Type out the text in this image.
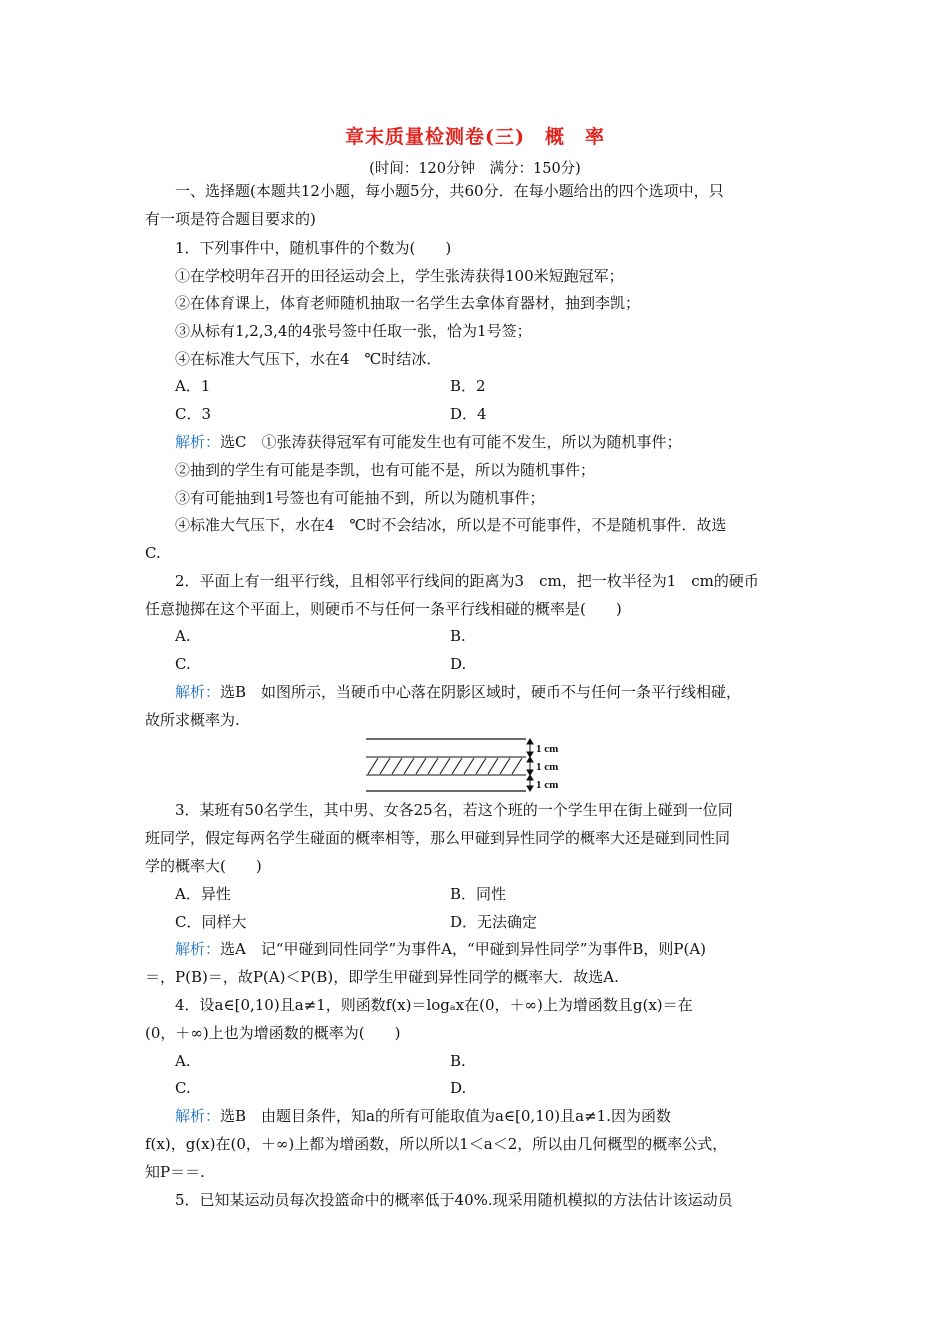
章末质量检测卷(三)　概　率
(时间：120分钟　满分：150分)
一、选择题(本题共12小题，每小题5分，共60分．在每小题给出的四个选项中，只
有一项是符合题目要求的)
1．下列事件中，随机事件的个数为(　　)
①在学校明年召开的田径运动会上，学生张涛获得100米短跑冠军；
②在体育课上，体育老师随机抽取一名学生去拿体育器材，抽到李凯；
③从标有1,2,3,4的4张号签中任取一张，恰为1号签；
④在标准大气压下，水在4　℃时结冰．
A．1	B．2
C．3	D．4
解析：选C　①张涛获得冠军有可能发生也有可能不发生，所以为随机事件；
②抽到的学生有可能是李凯，也有可能不是，所以为随机事件；
③有可能抽到1号签也有可能抽不到，所以为随机事件；
④标准大气压下，水在4　℃时不会结冰，所以是不可能事件，不是随机事件．故选
C.
2．平面上有一组平行线，且相邻平行线间的距离为3　cm，把一枚半径为1　cm的硬币
任意抛掷在这个平面上，则硬币不与任何一条平行线相碰的概率是(　　)
A.	B.
C.	D.
解析：选B　如图所示，当硬币中心落在阴影区域时，硬币不与任何一条平行线相碰，
故所求概率为.
1 cm
1 cm
1 cm
3．某班有50名学生，其中男、女各25名，若这个班的一个学生甲在街上碰到一位同
班同学，假定每两名学生碰面的概率相等，那么甲碰到异性同学的概率大还是碰到同性同
学的概率大(　　)
A．异性	B．同性
C．同样大	D．无法确定
解析：选A　记“甲碰到同性同学”为事件A，“甲碰到异性同学”为事件B，则P(A)
＝，P(B)＝，故P(A)＜P(B)，即学生甲碰到异性同学的概率大．故选A.
4．设a∈[0,10)且a≠1，则函数f(x)＝logₐx在(0，＋∞)上为增函数且g(x)＝在
(0，＋∞)上也为增函数的概率为(　　)
A.	B.
C.	D.
解析：选B　由题目条件，知a的所有可能取值为a∈[0,10)且a≠1.因为函数
f(x)，g(x)在(0，＋∞)上都为增函数，所以所以1＜a＜2，所以由几何概型的概率公式，
知P＝＝.
5．已知某运动员每次投篮命中的概率低于40%.现采用随机模拟的方法估计该运动员
